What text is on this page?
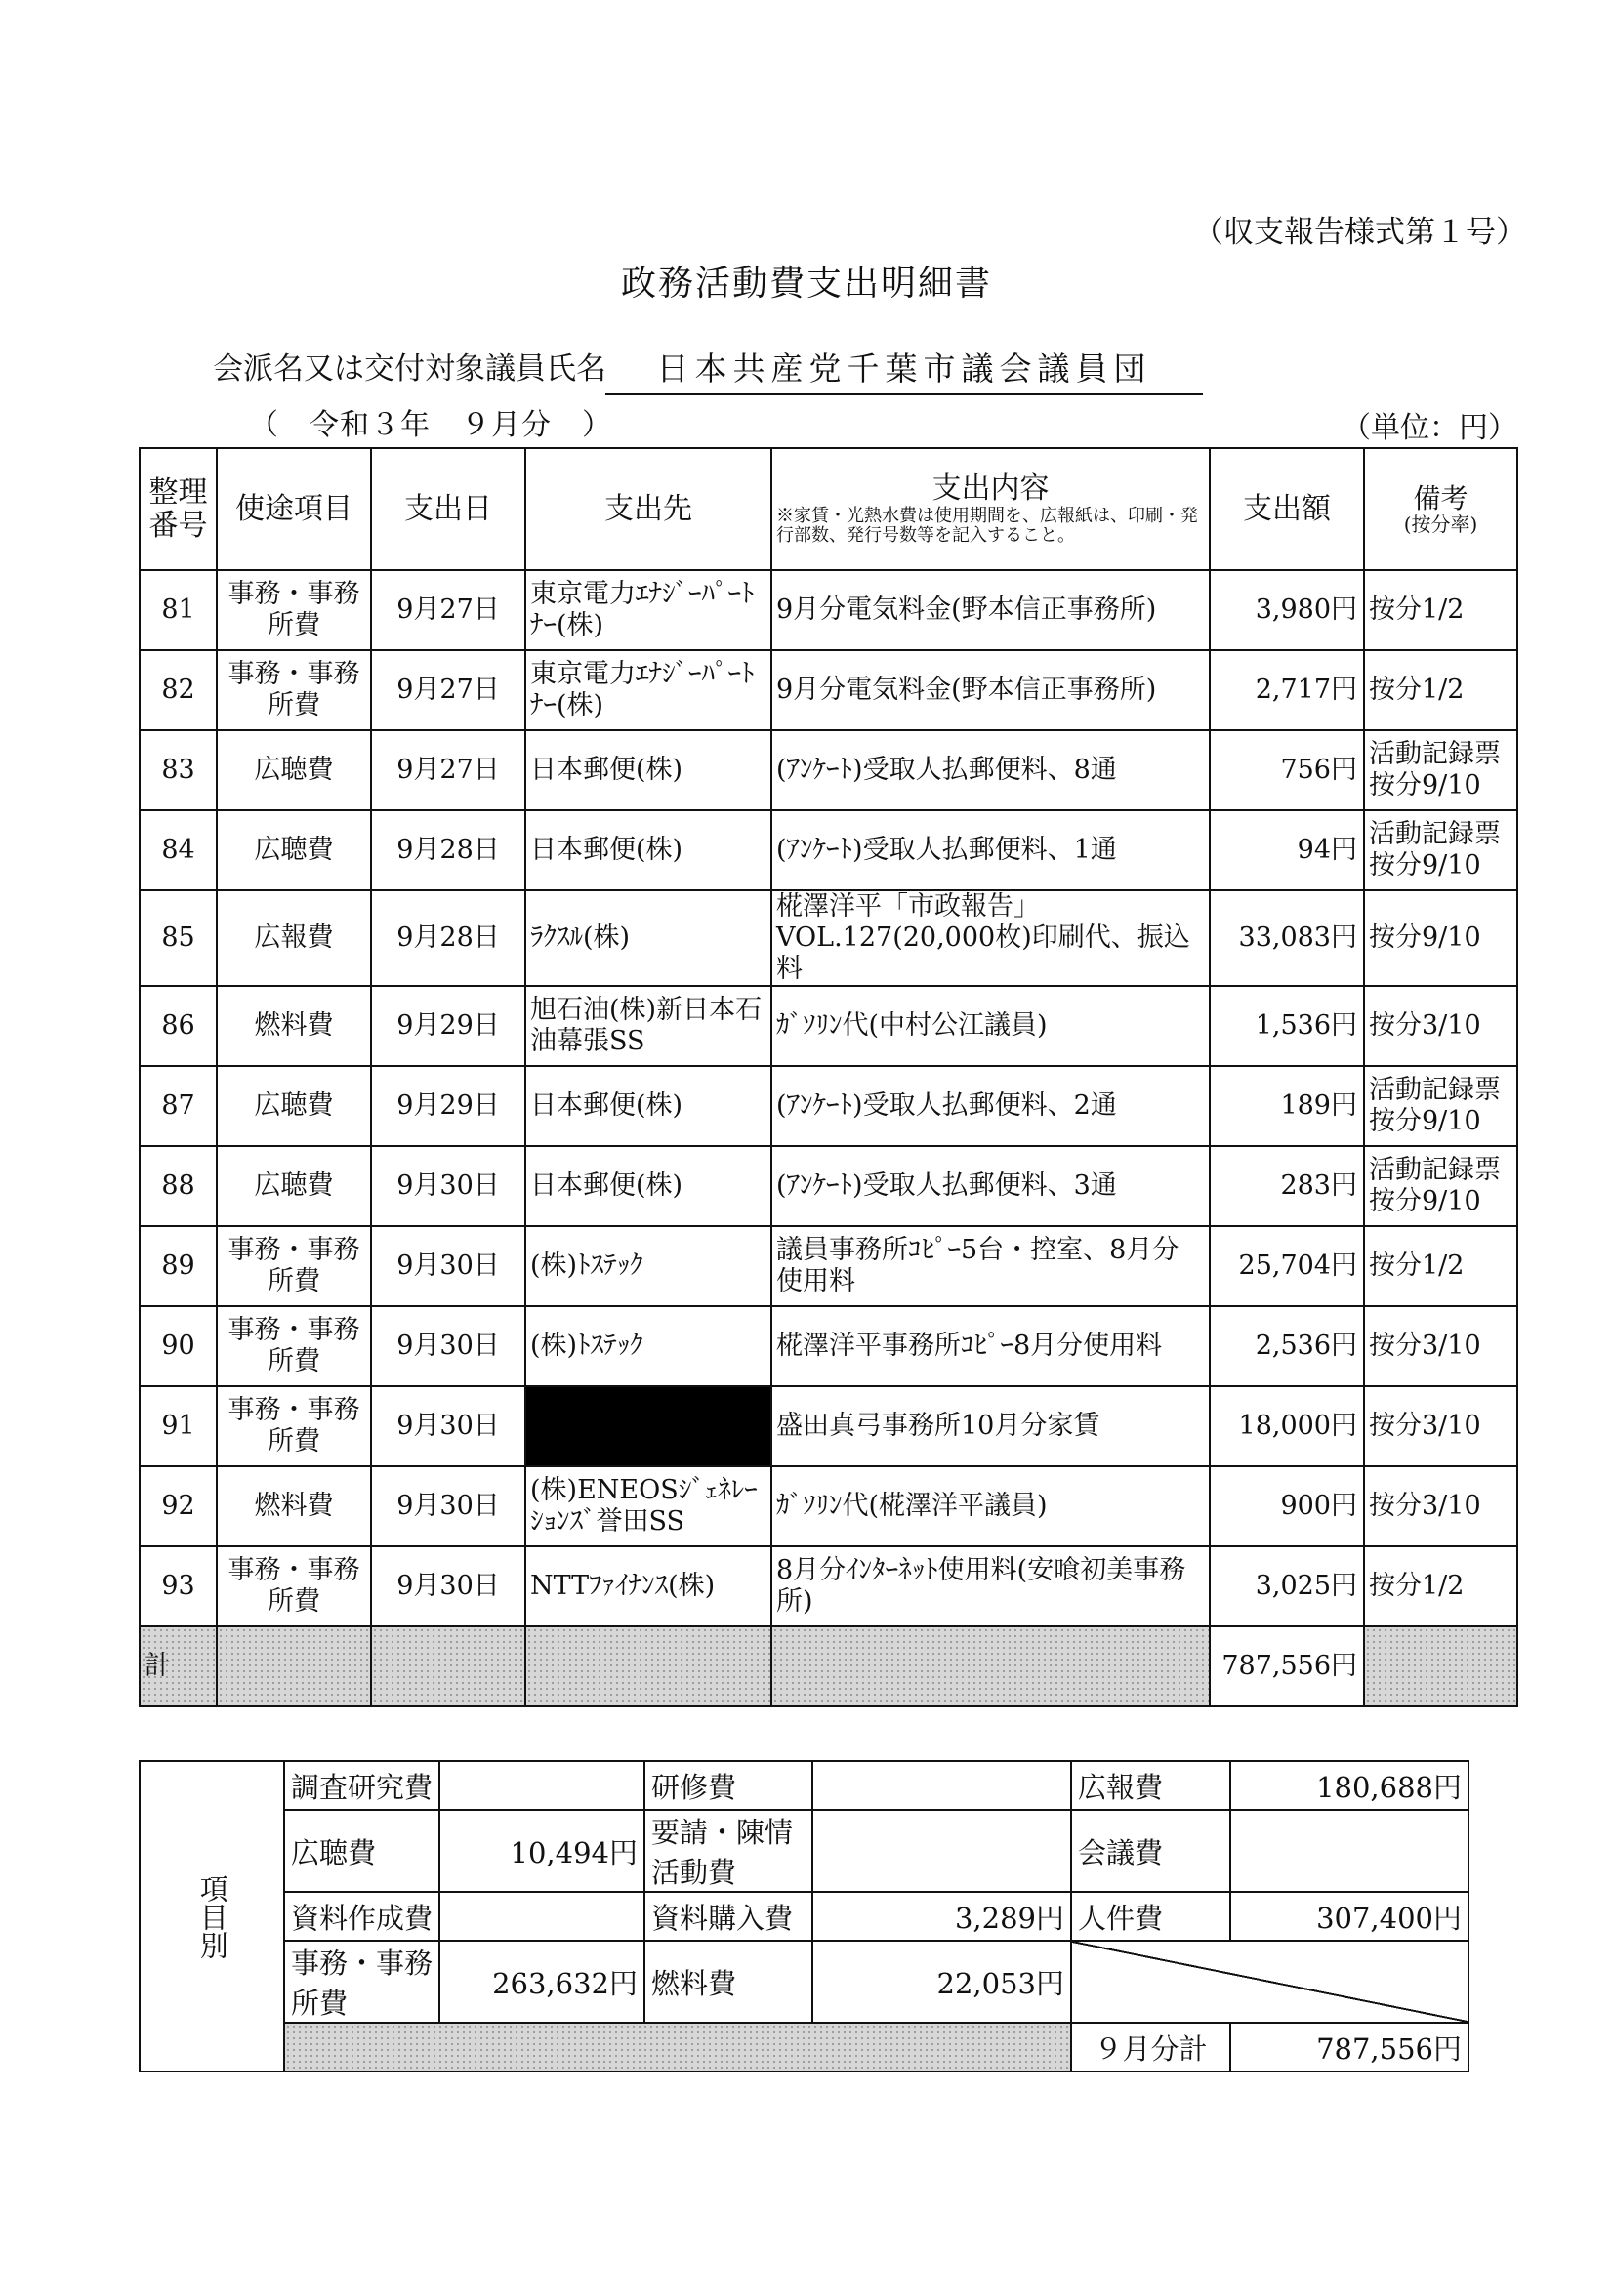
（収支報告様式第１号）
政務活動費支出明細書
会派名又は交付対象議員氏名	日本共産党千葉市議会議員団
（　令和３年　９月分　）	（単位：円）
整理番号	使途項目	支出日	支出先	支出内容
※家賃・光熱水費は使用期間を、広報紙は、印刷・発行部数、発行号数等を記入すること。	支出額	備考
(按分率)

81	事務・事務所費	9月27日	東京電力ｴﾅｼﾞｰﾊﾟｰﾄﾅｰ(株)	9月分電気料金(野本信正事務所)	3,980円	按分1/2
82	事務・事務所費	9月27日	東京電力ｴﾅｼﾞｰﾊﾟｰﾄﾅｰ(株)	9月分電気料金(野本信正事務所)	2,717円	按分1/2
83	広聴費	9月27日	日本郵便(株)	(ｱﾝｹｰﾄ)受取人払郵便料、8通	756円	活動記録票 按分9/10
84	広聴費	9月28日	日本郵便(株)	(ｱﾝｹｰﾄ)受取人払郵便料、1通	94円	活動記録票 按分9/10
85	広報費	9月28日	ﾗｸｽﾙ(株)	椛澤洋平「市政報告」VOL.127(20,000枚)印刷代、振込料	33,083円	按分9/10
86	燃料費	9月29日	旭石油(株)新日本石油幕張SS	ｶﾞｿﾘﾝ代(中村公江議員)	1,536円	按分3/10
87	広聴費	9月29日	日本郵便(株)	(ｱﾝｹｰﾄ)受取人払郵便料、2通	189円	活動記録票 按分9/10
88	広聴費	9月30日	日本郵便(株)	(ｱﾝｹｰﾄ)受取人払郵便料、3通	283円	活動記録票 按分9/10
89	事務・事務所費	9月30日	(株)ﾄｽﾃｯｸ	議員事務所ｺﾋﾟｰ5台・控室、8月分使用料	25,704円	按分1/2
90	事務・事務所費	9月30日	(株)ﾄｽﾃｯｸ	椛澤洋平事務所ｺﾋﾟｰ8月分使用料	2,536円	按分3/10
91	事務・事務所費	9月30日		盛田真弓事務所10月分家賃	18,000円	按分3/10
92	燃料費	9月30日	(株)ENEOSｼﾞｪﾈﾚｰｼｮﾝｽﾞ誉田SS	ｶﾞｿﾘﾝ代(椛澤洋平議員)	900円	按分3/10
93	事務・事務所費	9月30日	NTTﾌｧｲﾅﾝｽ(株)	8月分ｲﾝﾀｰﾈｯﾄ使用料(安喰初美事務所)	3,025円	按分1/2
計					787,556円	
項目別	調査研究費		研修費		広報費	180,688円
	広聴費	10,494円	要請・陳情活動費		会議費	
	資料作成費		資料購入費	3,289円	人件費	307,400円
	事務・事務所費	263,632円	燃料費	22,053円		
					９月分計	787,556円
